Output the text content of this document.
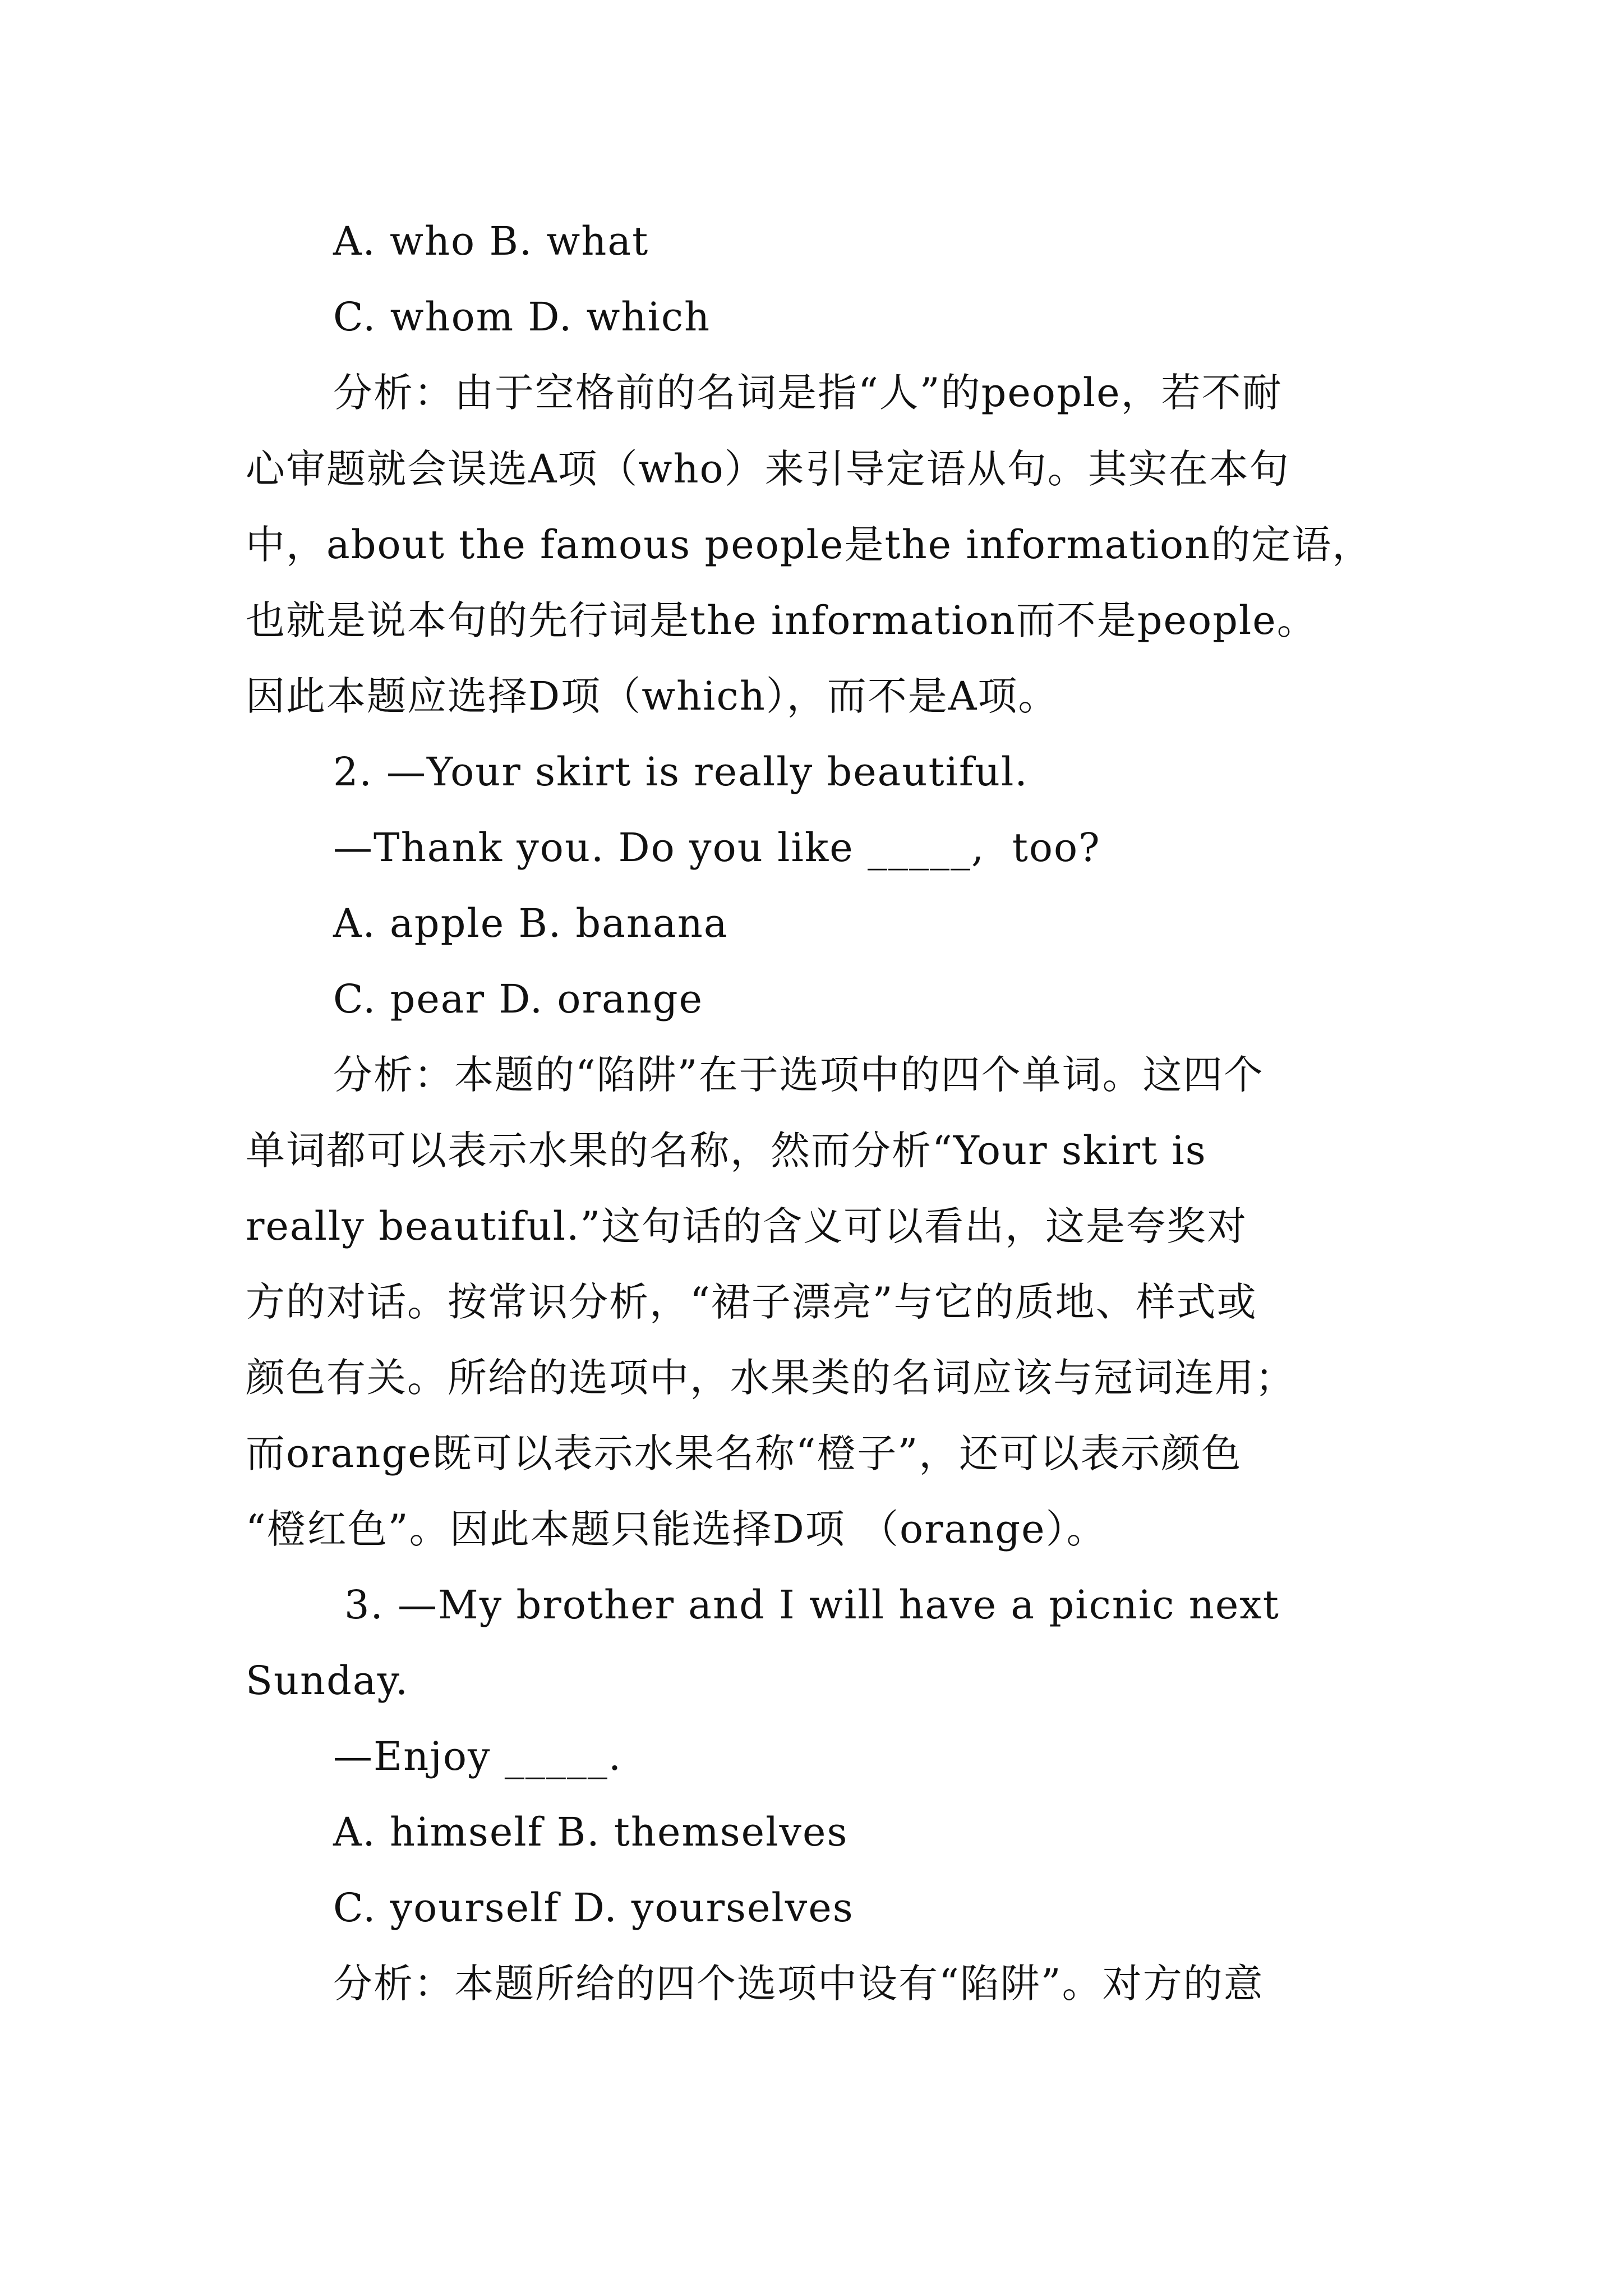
A. who B. what
C. whom D. which
分析：由于空格前的名词是指“人”的people，若不耐
心审题就会误选A项（who）来引导定语从句。其实在本句
中，about the famous people是the information的定语，
也就是说本句的先行词是the information而不是people。
因此本题应选择D项（which），而不是A项。
2. —Your skirt is really beautiful.
—Thank you. Do you like _____,  too?
A. apple B. banana
C. pear D. orange
分析：本题的“陷阱”在于选项中的四个单词。这四个
单词都可以表示水果的名称，然而分析“Your skirt is
really beautiful.”这句话的含义可以看出，这是夸奖对
方的对话。按常识分析，“裙子漂亮”与它的质地、样式或
颜色有关。所给的选项中，水果类的名词应该与冠词连用；
而orange既可以表示水果名称“橙子”，还可以表示颜色
“橙红色”。因此本题只能选择D项 （orange）。
3. —My brother and I will have a picnic next
Sunday.
—Enjoy _____.
A. himself B. themselves
C. yourself D. yourselves
分析：本题所给的四个选项中设有“陷阱”。对方的意
